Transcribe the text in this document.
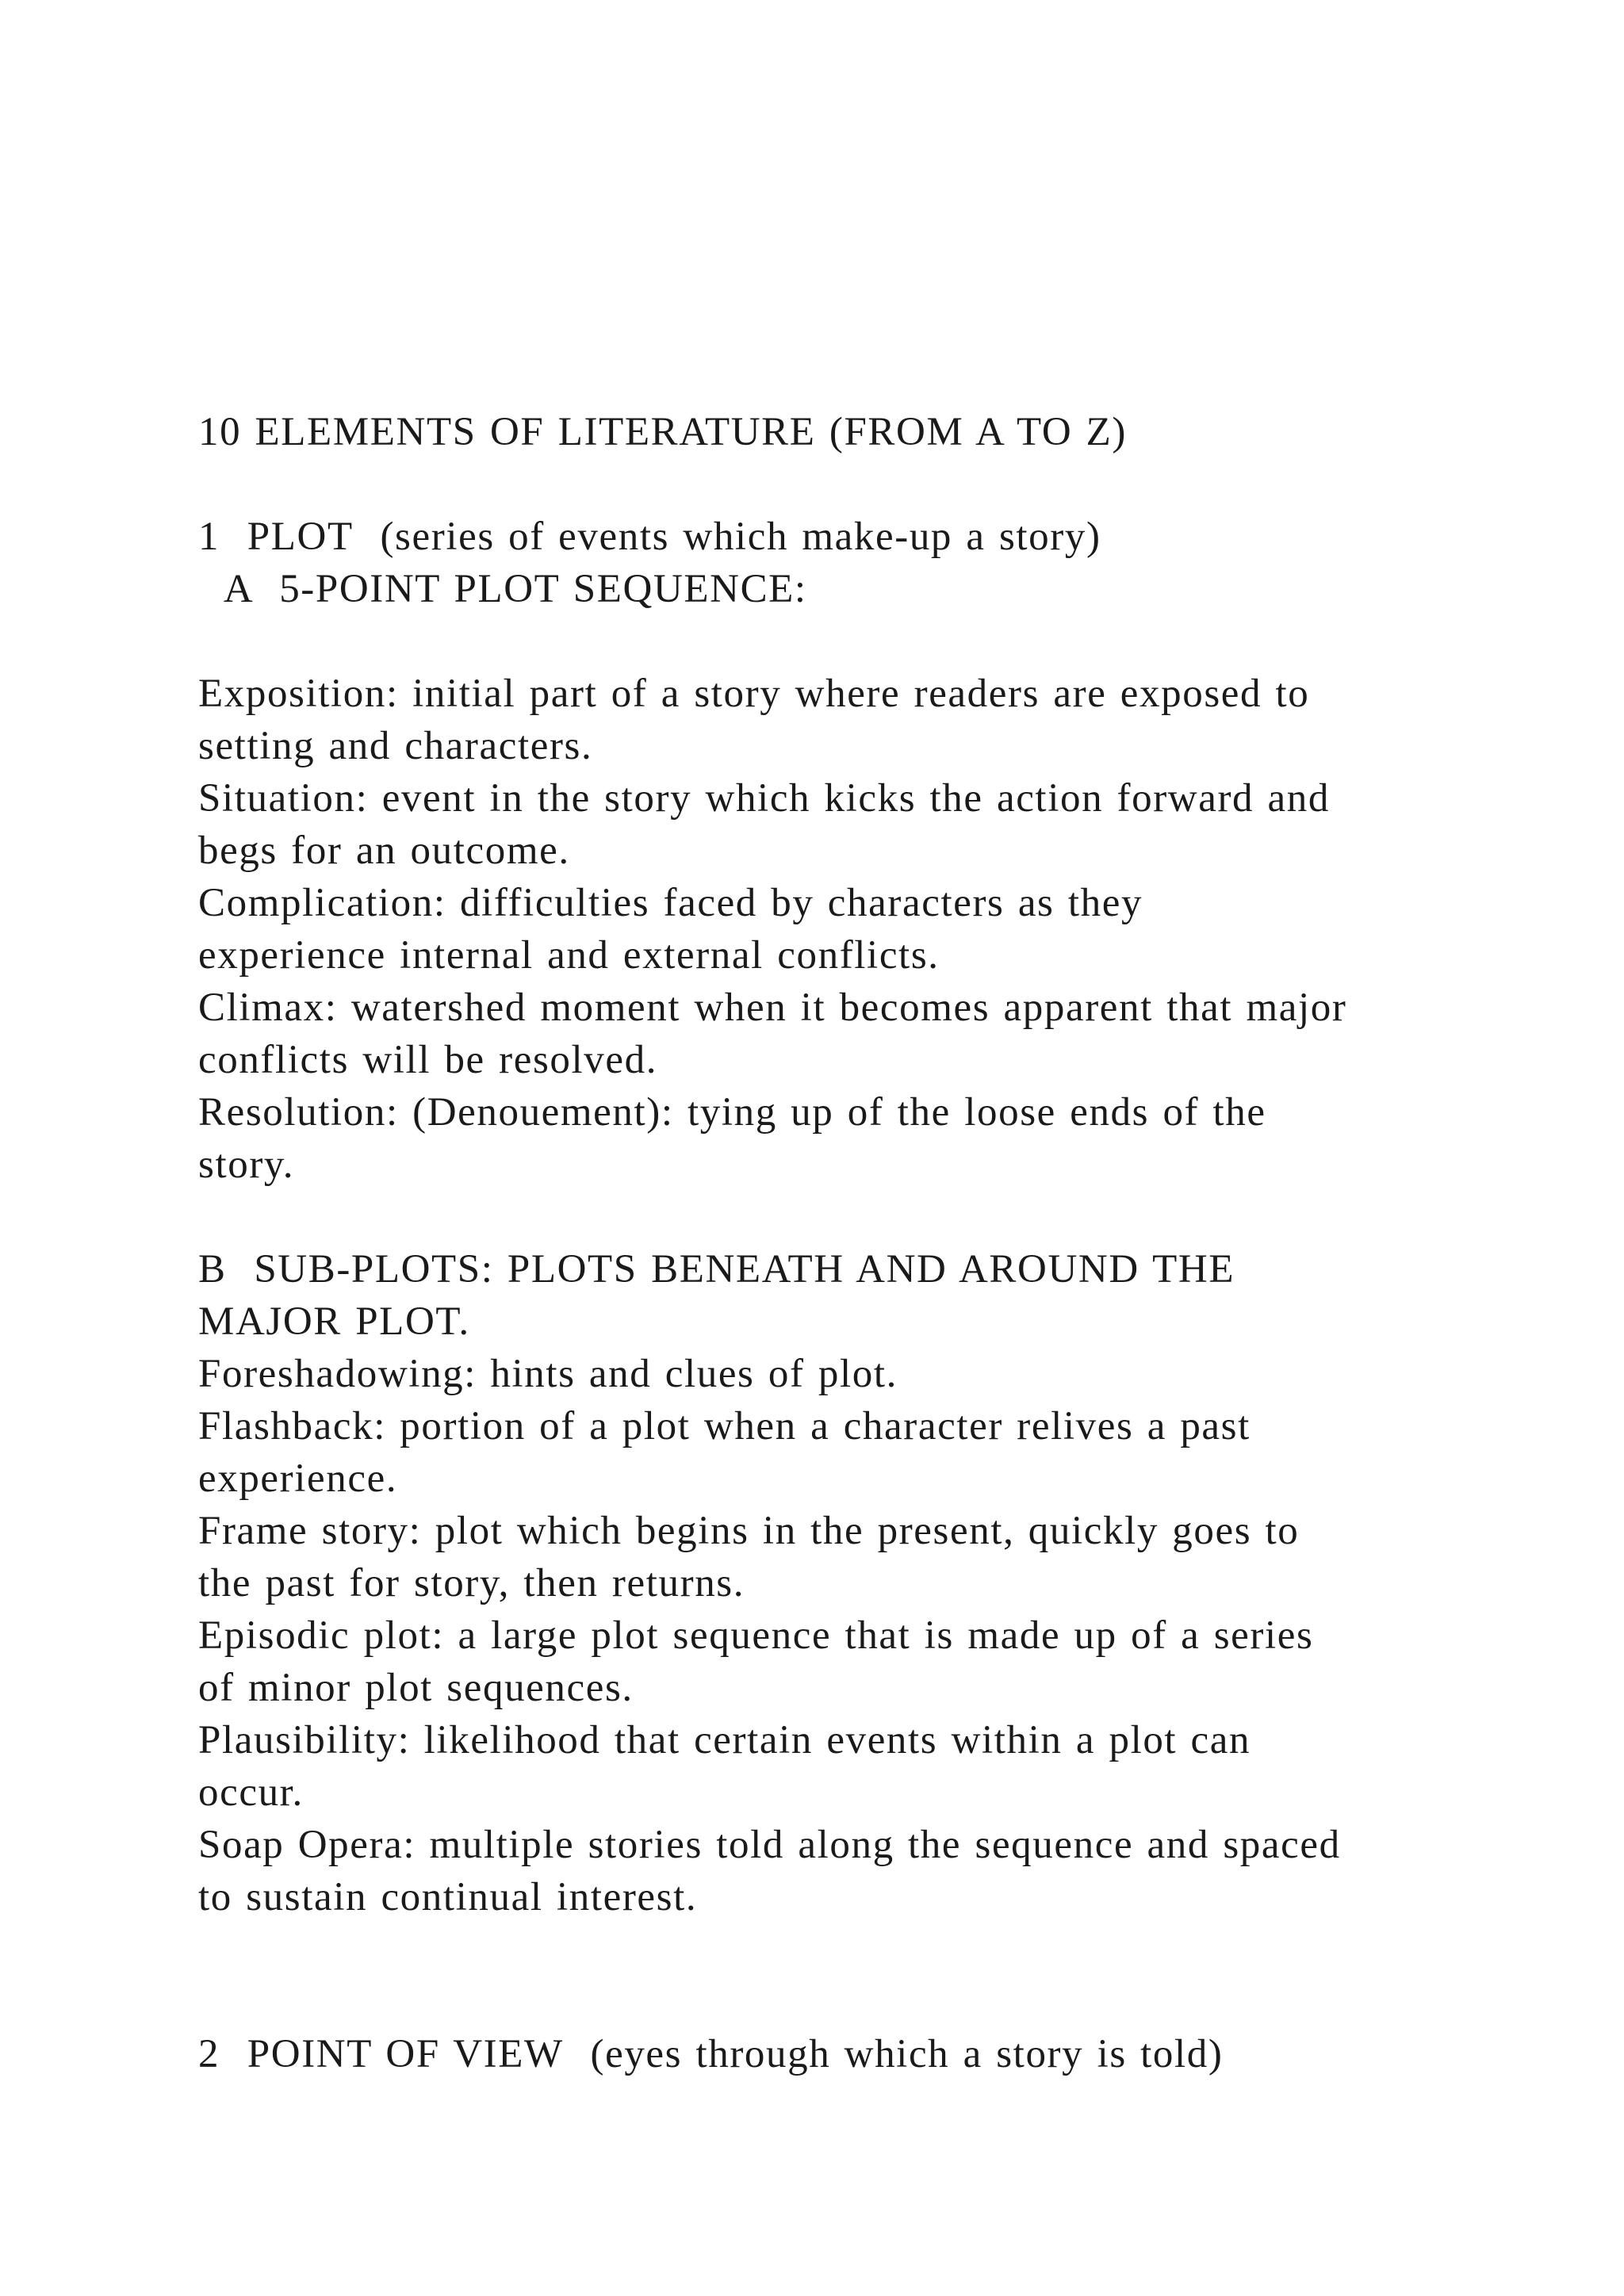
10 ELEMENTS OF LITERATURE (FROM A TO Z)
1  PLOT  (series of events which make-up a story)
A  5-POINT PLOT SEQUENCE:
Exposition: initial part of a story where readers are exposed to
setting and characters.
Situation: event in the story which kicks the action forward and
begs for an outcome.
Complication: difficulties faced by characters as they
experience internal and external conflicts.
Climax: watershed moment when it becomes apparent that major
conflicts will be resolved.
Resolution: (Denouement): tying up of the loose ends of the
story.
B  SUB-PLOTS: PLOTS BENEATH AND AROUND THE
MAJOR PLOT.
Foreshadowing: hints and clues of plot.
Flashback: portion of a plot when a character relives a past
experience.
Frame story: plot which begins in the present, quickly goes to
the past for story, then returns.
Episodic plot: a large plot sequence that is made up of a series
of minor plot sequences.
Plausibility: likelihood that certain events within a plot can
occur.
Soap Opera: multiple stories told along the sequence and spaced
to sustain continual interest.
2  POINT OF VIEW  (eyes through which a story is told)
